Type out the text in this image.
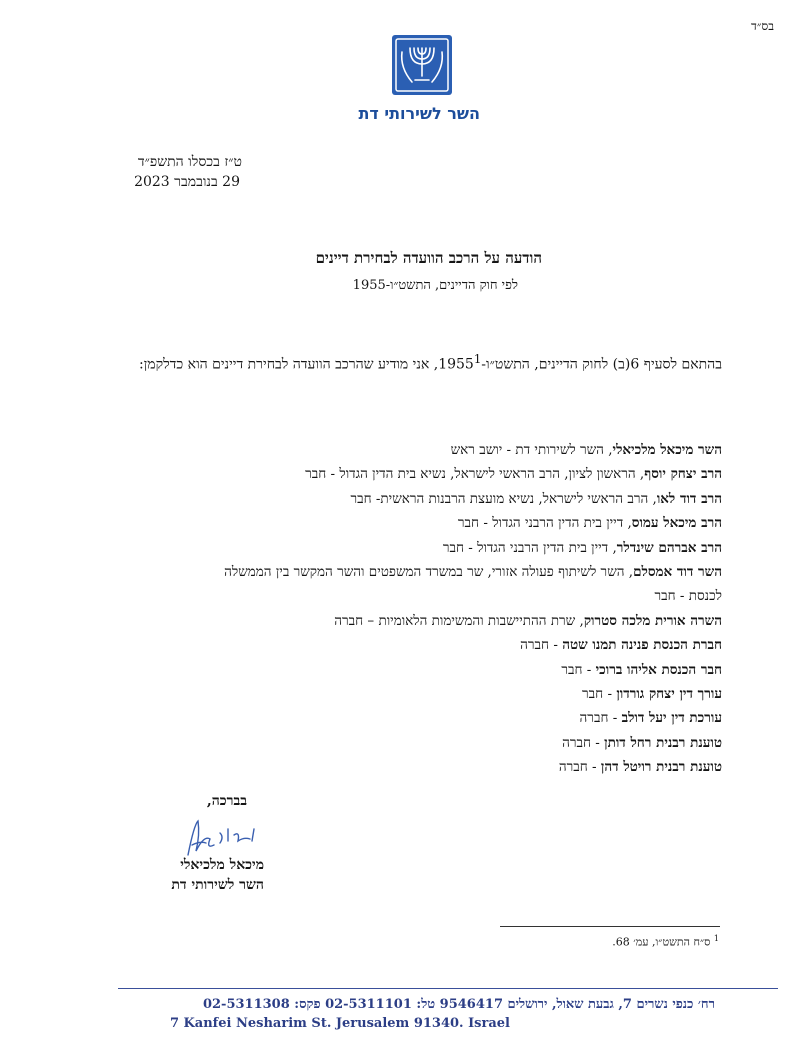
בס״ד
השר לשירותי דת
ט״ז בכסלו התשפ״ד
29 בנובמבר 2023
הודעה על הרכב הוועדה לבחירת דיינים
לפי חוק הדיינים, התשט״ו-1955
בהתאם לסעיף 6(ב) לחוק הדיינים, התשט״ו-1955$^1$, אני מודיע שהרכב הוועדה לבחירת דיינים הוא כדלקמן:
השר מיכאל מלכיאלי, השר לשירותי דת - יושב ראש
הרב יצחק יוסף, הראשון לציון, הרב הראשי לישראל, נשיא בית הדין הגדול - חבר
הרב דוד לאו, הרב הראשי לישראל, נשיא מועצת הרבנות הראשית- חבר
הרב מיכאל עמוס, דיין בית הדין הרבני הגדול - חבר
הרב אברהם שינדלר, דיין בית הדין הרבני הגדול - חבר
השר דוד אמסלם, השר לשיתוף פעולה אזורי, שר במשרד המשפטים והשר המקשר בין הממשלה
לכנסת - חבר
השרה אורית מלכה סטרוק, שרת ההתיישבות והמשימות הלאומיות – חברה
חברת הכנסת פנינה תמנו שטה - חברה
חבר הכנסת אליהו ברוכי - חבר
עורך דין יצחק גורדון - חבר
עורכת דין יעל דולב - חברה
טוענת רבנית רחל דותן - חברה
טוענת רבנית רויטל דהן - חברה
בברכה,
מיכאל מלכיאלי
השר לשירותי דת
$^1$ ס״ח התשט״ו, עמ׳ 68.
רח׳ כנפי נשרים 7, גבעת שאול, ירושלים 9546417 טל: 02-5311101 פקס: 02-5311308
7 Kanfei Nesharim St. Jerusalem 91340. Israel
